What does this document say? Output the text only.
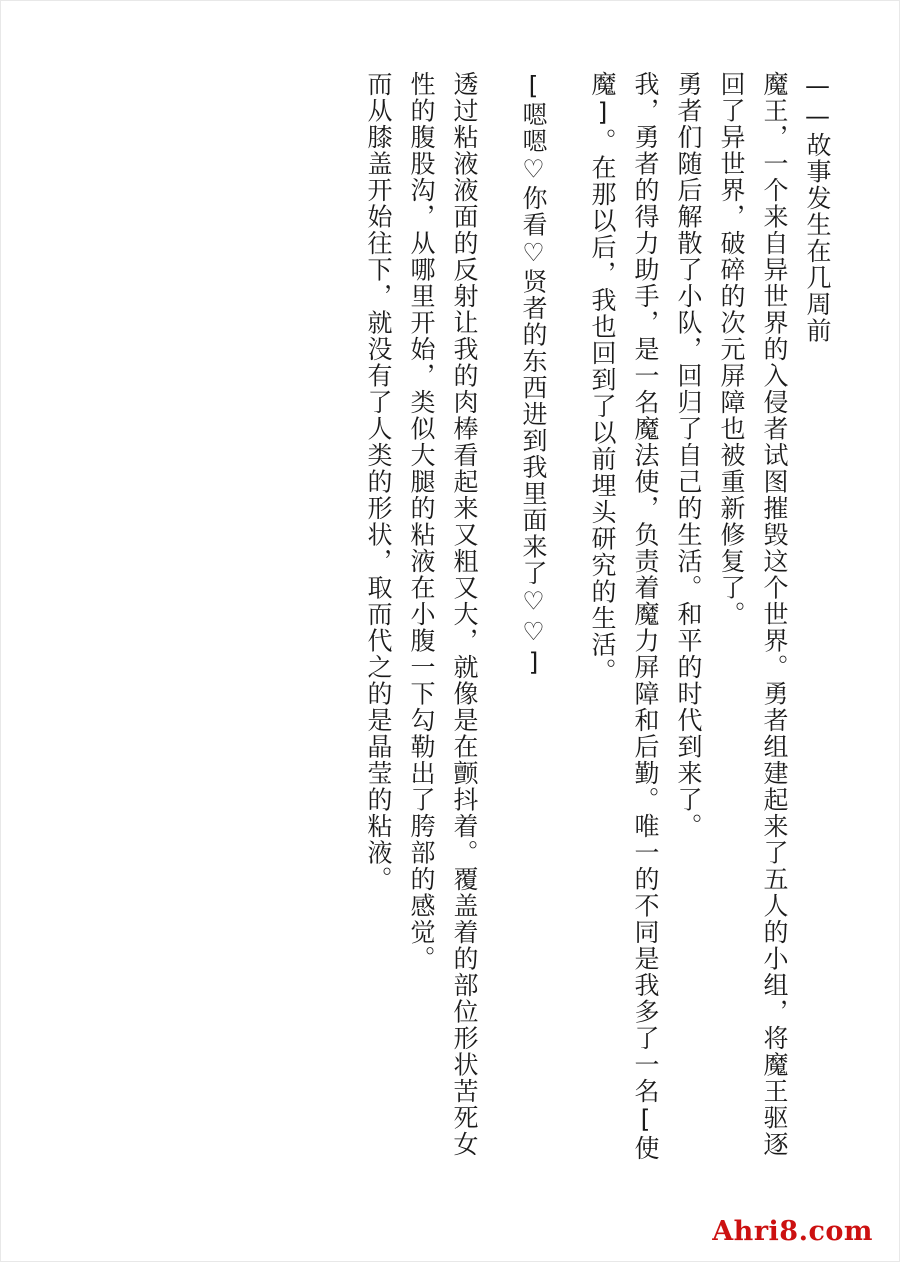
——故事发生在几周前

魔王，一个来自异世界的入侵者试图摧毁这个世界。勇者组建起来了五人的小组，将魔王驱逐回了异世界，破碎的次元屏障也被重新修复了。

勇者们随后解散了小队，回归了自己的生活。和平的时代到来了。

我，勇者的得力助手，是一名魔法使，负责着魔力屏障和后勤。唯一的不同是我多了一名[使魔]。在那以后，我也回到了以前埋头研究的生活。

[嗯嗯♡你看♡贤者的东西进到我里面来了♡♡]

透过粘液液面的反射让我的肉棒看起来又粗又大，就像是在颤抖着。覆盖着的部位形状苦死女性的腹股沟，从哪里开始，类似大腿的粘液在小腹一下勾勒出了胯部的感觉。

而从膝盖开始往下，就没有了人类的形状，取而代之的是晶莹的粘液。

Ahri8.com
